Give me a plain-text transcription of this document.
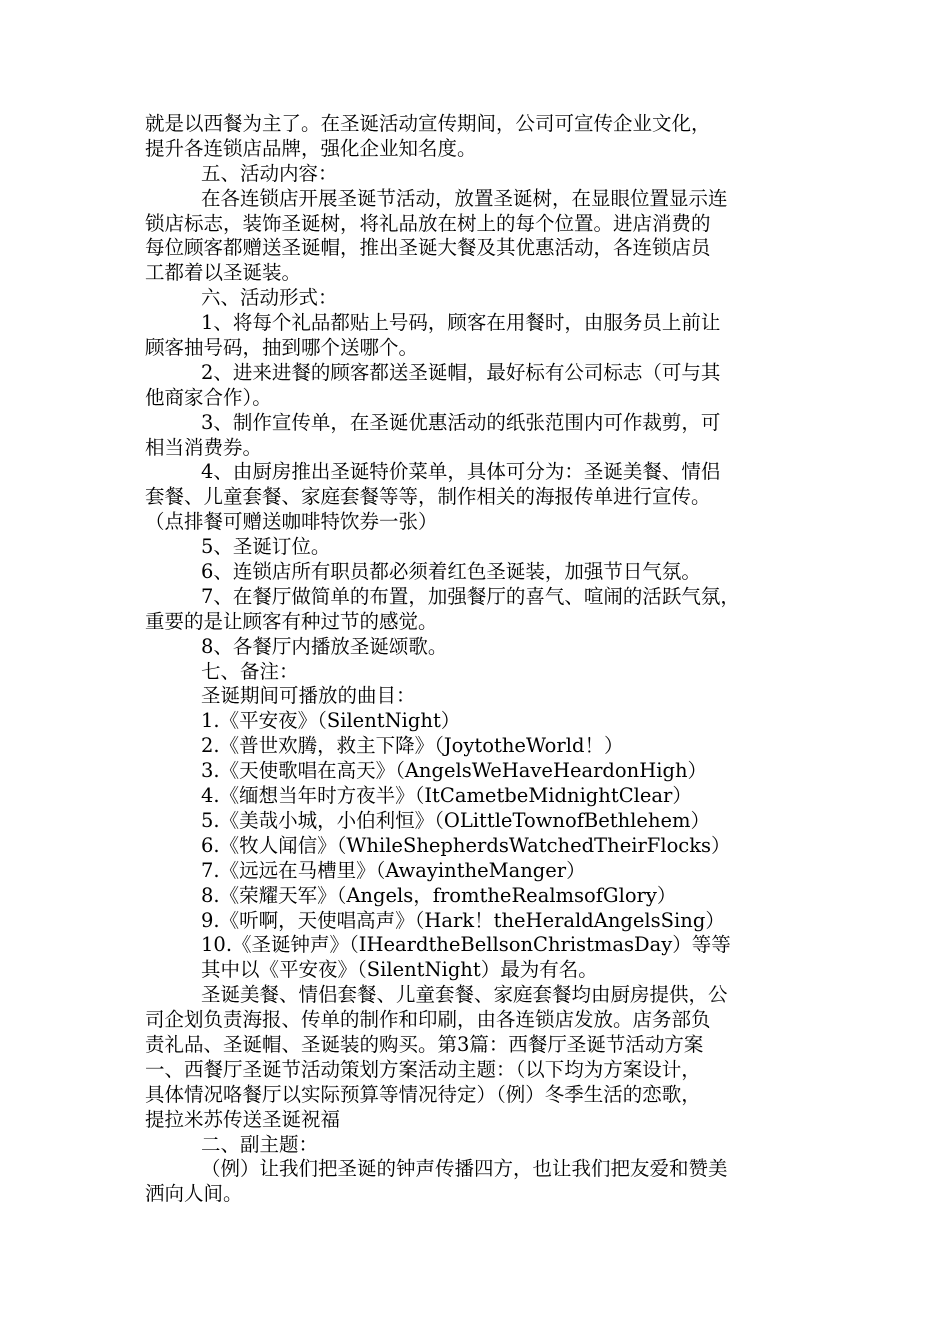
就是以西餐为主了。在圣诞活动宣传期间，公司可宣传企业文化，
提升各连锁店品牌，强化企业知名度。
五、活动内容：
在各连锁店开展圣诞节活动，放置圣诞树，在显眼位置显示连
锁店标志，装饰圣诞树，将礼品放在树上的每个位置。进店消费的
每位顾客都赠送圣诞帽，推出圣诞大餐及其优惠活动，各连锁店员
工都着以圣诞装。
六、活动形式：
1、将每个礼品都贴上号码，顾客在用餐时，由服务员上前让
顾客抽号码，抽到哪个送哪个。
2、进来进餐的顾客都送圣诞帽，最好标有公司标志（可与其
他商家合作）。
3、制作宣传单，在圣诞优惠活动的纸张范围内可作裁剪，可
相当消费券。
4、由厨房推出圣诞特价菜单，具体可分为：圣诞美餐、情侣
套餐、儿童套餐、家庭套餐等等，制作相关的海报传单进行宣传。
（点排餐可赠送咖啡特饮券一张）
5、圣诞订位。
6、连锁店所有职员都必须着红色圣诞装，加强节日气氛。
7、在餐厅做简单的布置，加强餐厅的喜气、喧闹的活跃气氛，
重要的是让顾客有种过节的感觉。
8、各餐厅内播放圣诞颂歌。
七、备注：
圣诞期间可播放的曲目：
1.《平安夜》（SilentNight）
2.《普世欢腾，救主下降》（JoytotheWorld！）
3.《天使歌唱在高天》（AngelsWeHaveHeardonHigh）
4.《缅想当年时方夜半》（ItCametbeMidnightClear）
5.《美哉小城，小伯利恒》（OLittleTownofBethlehem）
6.《牧人闻信》（WhileShepherdsWatchedTheirFlocks）
7.《远远在马槽里》（AwayintheManger）
8.《荣耀天军》（Angels，fromtheRealmsofGlory）
9.《听啊，天使唱高声》（Hark！theHeraldAngelsSing）
10.《圣诞钟声》（IHeardtheBellsonChristmasDay）等等
其中以《平安夜》（SilentNight）最为有名。
圣诞美餐、情侣套餐、儿童套餐、家庭套餐均由厨房提供，公
司企划负责海报、传单的制作和印刷，由各连锁店发放。店务部负
责礼品、圣诞帽、圣诞装的购买。第3篇：西餐厅圣诞节活动方案
一、西餐厅圣诞节活动策划方案活动主题：（以下均为方案设计，
具体情况咯餐厅以实际预算等情况待定）（例）冬季生活的恋歌，
提拉米苏传送圣诞祝福
二、副主题：
（例）让我们把圣诞的钟声传播四方，也让我们把友爱和赞美
洒向人间。
